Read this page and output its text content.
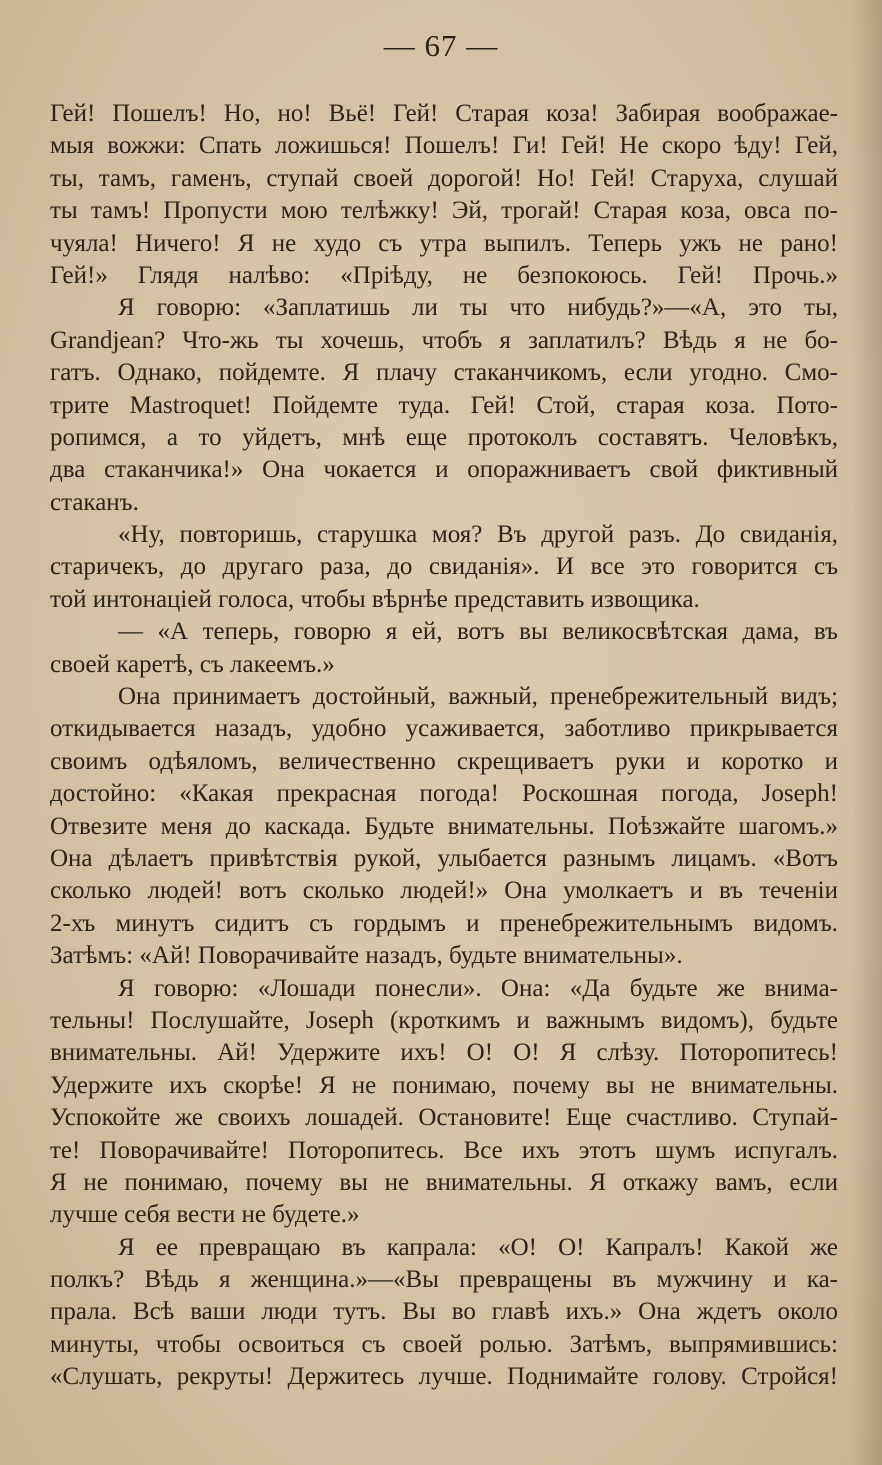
— 67 —
Гей! Пошелъ! Но, но! Вьё! Гей! Старая коза! Забирая воображае-
мыя вожжи: Спать ложишься! Пошелъ! Ги! Гей! Не скоро ѣду! Гей,
ты, тамъ, гаменъ, ступай своей дорогой! Но! Гей! Старуха, слушай
ты тамъ! Пропусти мою телѣжку! Эй, трогай! Старая коза, овса по-
чуяла! Ничего! Я не худо съ утра выпилъ. Теперь ужъ не рано!
Гей!» Глядя налѣво: «Пріѣду, не безпокоюсь. Гей! Прочь.»
Я говорю: «Заплатишь ли ты что нибудь?»—«А, это ты,
Grandjean? Что-жь ты хочешь, чтобъ я заплатилъ? Вѣдь я не бо-
гатъ. Однако, пойдемте. Я плачу стаканчикомъ, если угодно. Смо-
трите Mastroquet! Пойдемте туда. Гей! Стой, старая коза. Пото-
ропимся, а то уйдетъ, мнѣ еще протоколъ составятъ. Человѣкъ,
два стаканчика!» Она чокается и опоражниваетъ свой фиктивный
стаканъ.
«Ну, повторишь, старушка моя? Въ другой разъ. До свиданія,
старичекъ, до другаго раза, до свиданія». И все это говорится съ
той интонаціей голоса, чтобы вѣрнѣе представить извощика.
— «А теперь, говорю я ей, вотъ вы великосвѣтская дама, въ
своей каретѣ, съ лакеемъ.»
Она принимаетъ достойный, важный, пренебрежительный видъ;
откидывается назадъ, удобно усаживается, заботливо прикрывается
своимъ одѣяломъ, величественно скрещиваетъ руки и коротко и
достойно: «Какая прекрасная погода! Роскошная погода, Joseph!
Отвезите меня до каскада. Будьте внимательны. Поѣзжайте шагомъ.»
Она дѣлаетъ привѣтствія рукой, улыбается разнымъ лицамъ. «Вотъ
сколько людей! вотъ сколько людей!» Она умолкаетъ и въ теченіи
2-хъ минутъ сидитъ съ гордымъ и пренебрежительнымъ видомъ.
Затѣмъ: «Ай! Поворачивайте назадъ, будьте внимательны».
Я говорю: «Лошади понесли». Она: «Да будьте же внима-
тельны! Послушайте, Joseph (кроткимъ и важнымъ видомъ), будьте
внимательны. Ай! Удержите ихъ! О! О! Я слѣзу. Поторопитесь!
Удержите ихъ скорѣе! Я не понимаю, почему вы не внимательны.
Успокойте же своихъ лошадей. Остановите! Еще счастливо. Ступай-
те! Поворачивайте! Поторопитесь. Все ихъ этотъ шумъ испугалъ.
Я не понимаю, почему вы не внимательны. Я откажу вамъ, если
лучше себя вести не будете.»
Я ее превращаю въ капрала: «О! О! Капралъ! Какой же
полкъ? Вѣдь я женщина.»—«Вы превращены въ мужчину и ка-
прала. Всѣ ваши люди тутъ. Вы во главѣ ихъ.» Она ждетъ около
минуты, чтобы освоиться съ своей ролью. Затѣмъ, выпрямившись:
«Слушать, рекруты! Держитесь лучше. Поднимайте голову. Стройся!
